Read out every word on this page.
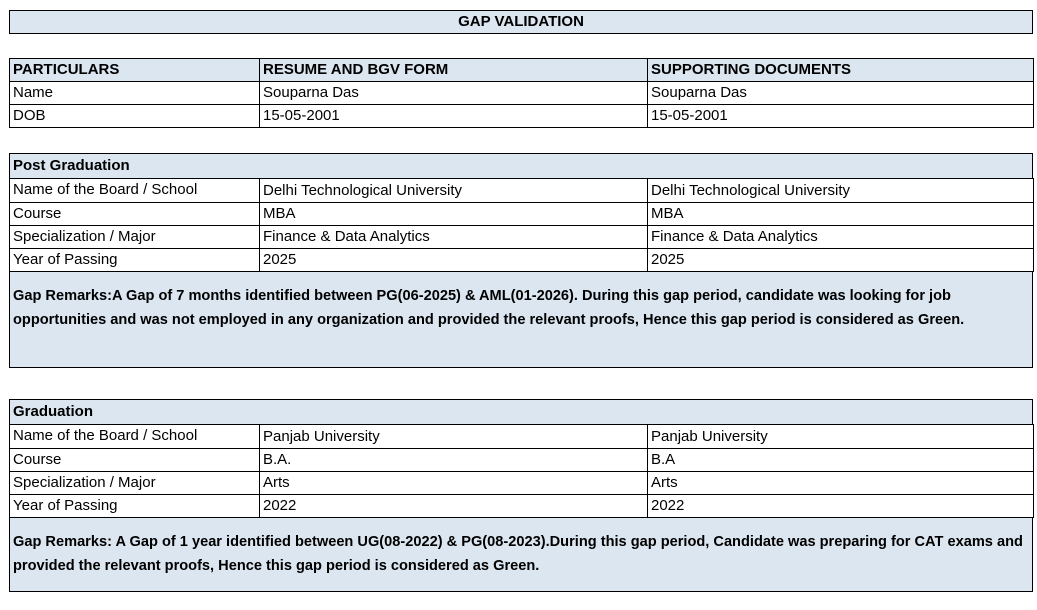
GAP VALIDATION
PARTICULARS	RESUME AND BGV FORM	SUPPORTING DOCUMENTS
Name	Souparna Das	Souparna Das
DOB	15-05-2001	15-05-2001
Post Graduation
Name of the Board / School	Delhi Technological University	Delhi Technological University
Course	MBA	MBA
Specialization / Major	Finance & Data Analytics	Finance & Data Analytics
Year of Passing	2025	2025
Gap Remarks:A Gap of 7 months identified between PG(06-2025) & AML(01-2026). During this gap period, candidate was looking for job opportunities and was not employed in any organization and provided the relevant proofs, Hence this gap period is considered as Green.
Graduation
Name of the Board / School	Panjab University	Panjab University
Course	B.A.	B.A
Specialization / Major	Arts	Arts
Year of Passing	2022	2022
Gap Remarks: A Gap of 1 year identified between UG(08-2022) & PG(08-2023).During this gap period, Candidate was preparing for CAT exams and provided the relevant proofs, Hence this gap period is considered as Green.
